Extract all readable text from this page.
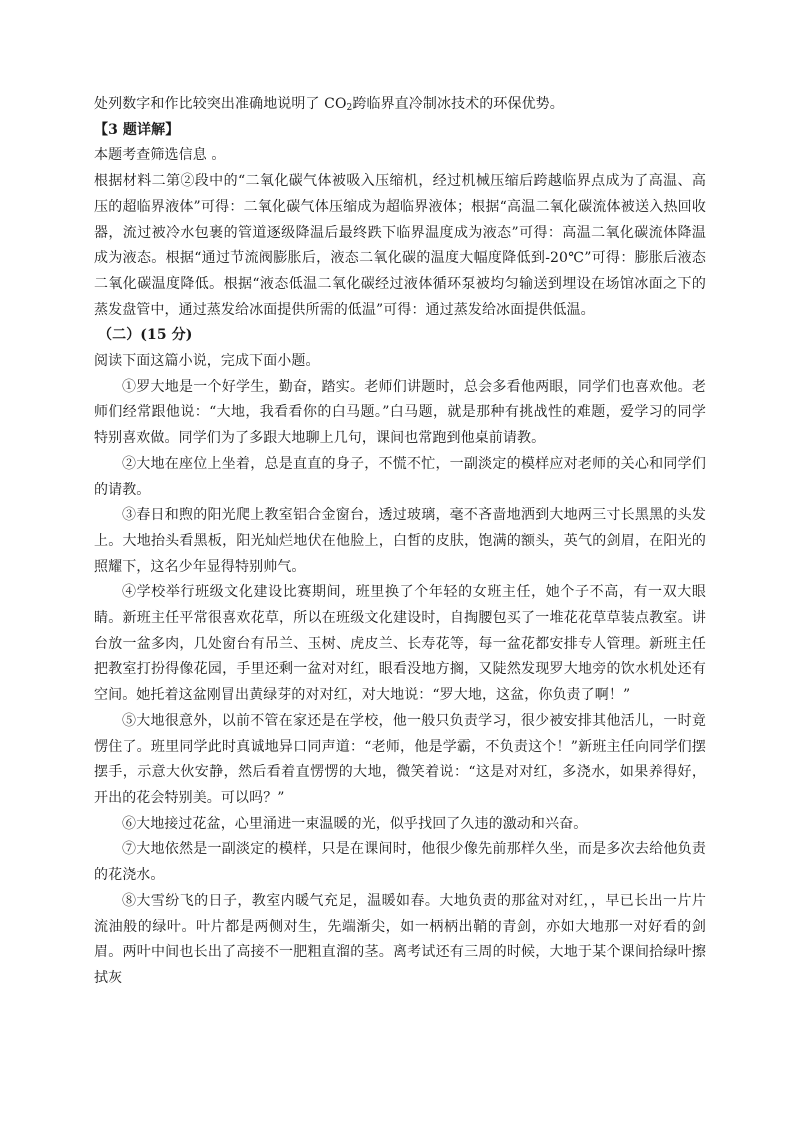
处列数字和作比较突出准确地说明了 $CO_2$跨临界直冷制冰技术的环保优势。

【3 题详解】

本题考查筛选信息 。

根据材料二第②段中的“二氧化碳气体被吸入压缩机，经过机械压缩后跨越临界点成为了高温、高压的超临界液体”可得：二氧化碳气体压缩成为超临界液体；根据“高温二氧化碳流体被送入热回收器，流过被冷水包裹的管道逐级降温后最终跌下临界温度成为液态”可得：高温二氧化碳流体降温成为液态。根据“通过节流阀膨胀后，液态二氧化碳的温度大幅度降低到-20℃”可得：膨胀后液态二氧化碳温度降低。根据“液态低温二氧化碳经过液体循环泵被均匀输送到埋设在场馆冰面之下的蒸发盘管中，通过蒸发给冰面提供所需的低温”可得：通过蒸发给冰面提供低温。

（二）(15 分)

阅读下面这篇小说，完成下面小题。

①罗大地是一个好学生，勤奋，踏实。老师们讲题时，总会多看他两眼，同学们也喜欢他。老师们经常跟他说：“大地，我看看你的白马题。”白马题，就是那种有挑战性的难题，爱学习的同学特别喜欢做。同学们为了多跟大地聊上几句，课间也常跑到他桌前请教。

②大地在座位上坐着，总是直直的身子，不慌不忙，一副淡定的模样应对老师的关心和同学们的请教。

③春日和煦的阳光爬上教室铝合金窗台，透过玻璃，毫不吝啬地洒到大地两三寸长黑黑的头发上。大地抬头看黑板，阳光灿烂地伏在他脸上，白皙的皮肤，饱满的额头，英气的剑眉，在阳光的照耀下，这名少年显得特别帅气。

④学校举行班级文化建设比赛期间，班里换了个年轻的女班主任，她个子不高，有一双大眼睛。新班主任平常很喜欢花草，所以在班级文化建设时，自掏腰包买了一堆花花草草装点教室。讲台放一盆多肉，几处窗台有吊兰、玉树、虎皮兰、长寿花等，每一盆花都安排专人管理。新班主任把教室打扮得像花园，手里还剩一盆对对红，眼看没地方搁，又陡然发现罗大地旁的饮水机处还有空间。她托着这盆刚冒出黄绿芽的对对红，对大地说：“罗大地，这盆，你负责了啊！”

⑤大地很意外，以前不管在家还是在学校，他一般只负责学习，很少被安排其他活儿，一时竟愣住了。班里同学此时真诚地异口同声道：“老师，他是学霸，不负责这个！”新班主任向同学们摆摆手，示意大伙安静，然后看着直愣愣的大地，微笑着说：“这是对对红，多浇水，如果养得好，开出的花会特别美。可以吗？”

⑥大地接过花盆，心里涌进一束温暖的光，似乎找回了久违的激动和兴奋。

⑦大地依然是一副淡定的模样，只是在课间时，他很少像先前那样久坐，而是多次去给他负责的花浇水。

⑧大雪纷飞的日子，教室内暖气充足，温暖如春。大地负责的那盆对对红，，早已长出一片片流油般的绿叶。叶片都是两侧对生，先端渐尖，如一柄柄出鞘的青剑，亦如大地那一对好看的剑眉。两叶中间也长出了高接不一肥粗直溜的茎。离考试还有三周的时候，大地于某个课间拾绿叶擦拭灰
